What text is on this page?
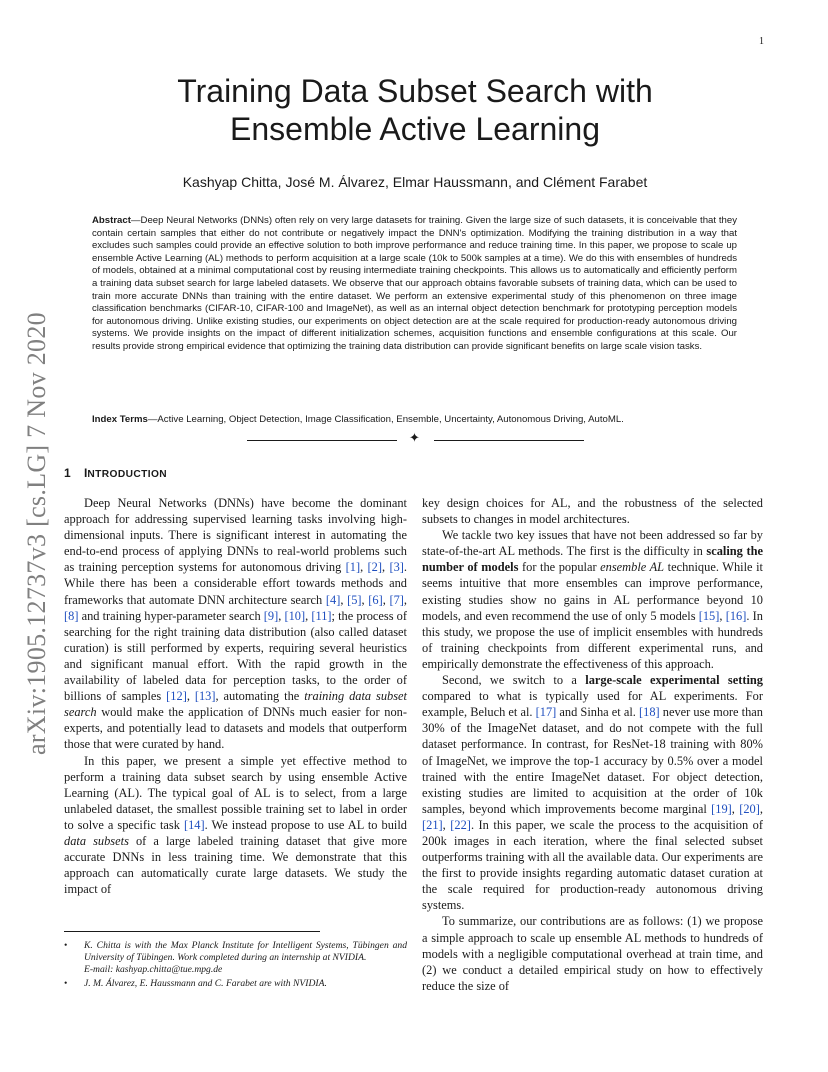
1
arXiv:1905.12737v3 [cs.LG] 7 Nov 2020
Training Data Subset Search with
Ensemble Active Learning
Kashyap Chitta, José M. Álvarez, Elmar Haussmann, and Clément Farabet

Abstract—Deep Neural Networks (DNNs) often rely on very large datasets for training. Given the large size of such datasets, it is conceivable that they contain certain samples that either do not contribute or negatively impact the DNN's optimization. Modifying the training distribution in a way that excludes such samples could provide an effective solution to both improve performance and reduce training time. In this paper, we propose to scale up ensemble Active Learning (AL) methods to perform acquisition at a large scale (10k to 500k samples at a time). We do this with ensembles of hundreds of models, obtained at a minimal computational cost by reusing intermediate training checkpoints. This allows us to automatically and efficiently perform a training data subset search for large labeled datasets. We observe that our approach obtains favorable subsets of training data, which can be used to train more accurate DNNs than training with the entire dataset. We perform an extensive experimental study of this phenomenon on three image classification benchmarks (CIFAR-10, CIFAR-100 and ImageNet), as well as an internal object detection benchmark for prototyping perception models for autonomous driving. Unlike existing studies, our experiments on object detection are at the scale required for production-ready autonomous driving systems. We provide insights on the impact of different initialization schemes, acquisition functions and ensemble configurations at this scale. Our results provide strong empirical evidence that optimizing the training data distribution can provide significant benefits on large scale vision tasks.

Index Terms—Active Learning, Object Detection, Image Classification, Ensemble, Uncertainty, Autonomous Driving, AutoML.

✦
1 INTRODUCTION

Deep Neural Networks (DNNs) have become the dominant approach for addressing supervised learning tasks involving high-dimensional inputs. There is significant interest in automating the end-to-end process of applying DNNs to real-world problems such as training perception systems for autonomous driving [1], [2], [3]. While there has been a considerable effort towards methods and frameworks that automate DNN architecture search [4], [5], [6], [7], [8] and training hyper-parameter search [9], [10], [11]; the process of searching for the right training data distribution (also called dataset curation) is still performed by experts, requiring several heuristics and significant manual effort. With the rapid growth in the availability of labeled data for perception tasks, to the order of billions of samples [12], [13], automating the training data subset search would make the application of DNNs much easier for non-experts, and potentially lead to datasets and models that outperform those that were curated by hand.

In this paper, we present a simple yet effective method to perform a training data subset search by using ensemble Active Learning (AL). The typical goal of AL is to select, from a large unlabeled dataset, the smallest possible training set to label in order to solve a specific task [14]. We instead propose to use AL to build data subsets of a large labeled training dataset that give more accurate DNNs in less training time. We demonstrate that this approach can automatically curate large datasets. We study the impact of

key design choices for AL, and the robustness of the selected subsets to changes in model architectures.

We tackle two key issues that have not been addressed so far by state-of-the-art AL methods. The first is the difficulty in scaling the number of models for the popular ensemble AL technique. While it seems intuitive that more ensembles can improve performance, existing studies show no gains in AL performance beyond 10 models, and even recommend the use of only 5 models [15], [16]. In this study, we propose the use of implicit ensembles with hundreds of training checkpoints from different experimental runs, and empirically demonstrate the effectiveness of this approach.

Second, we switch to a large-scale experimental setting compared to what is typically used for AL experiments. For example, Beluch et al. [17] and Sinha et al. [18] never use more than 30% of the ImageNet dataset, and do not compete with the full dataset performance. In contrast, for ResNet-18 training with 80% of ImageNet, we improve the top-1 accuracy by 0.5% over a model trained with the entire ImageNet dataset. For object detection, existing studies are limited to acquisition at the order of 10k samples, beyond which improvements become marginal [19], [20], [21], [22]. In this paper, we scale the process to the acquisition of 200k images in each iteration, where the final selected subset outperforms training with all the available data. Our experiments are the first to provide insights regarding automatic dataset curation at the scale required for production-ready autonomous driving systems.

To summarize, our contributions are as follows: (1) we propose a simple approach to scale up ensemble AL methods to hundreds of models with a negligible computational overhead at train time, and (2) we conduct a detailed empirical study on how to effectively reduce the size of

• K. Chitta is with the Max Planck Institute for Intelligent Systems, Tübingen and University of Tübingen. Work completed during an internship at NVIDIA.
E-mail: kashyap.chitta@tue.mpg.de
• J. M. Álvarez, E. Haussmann and C. Farabet are with NVIDIA.
